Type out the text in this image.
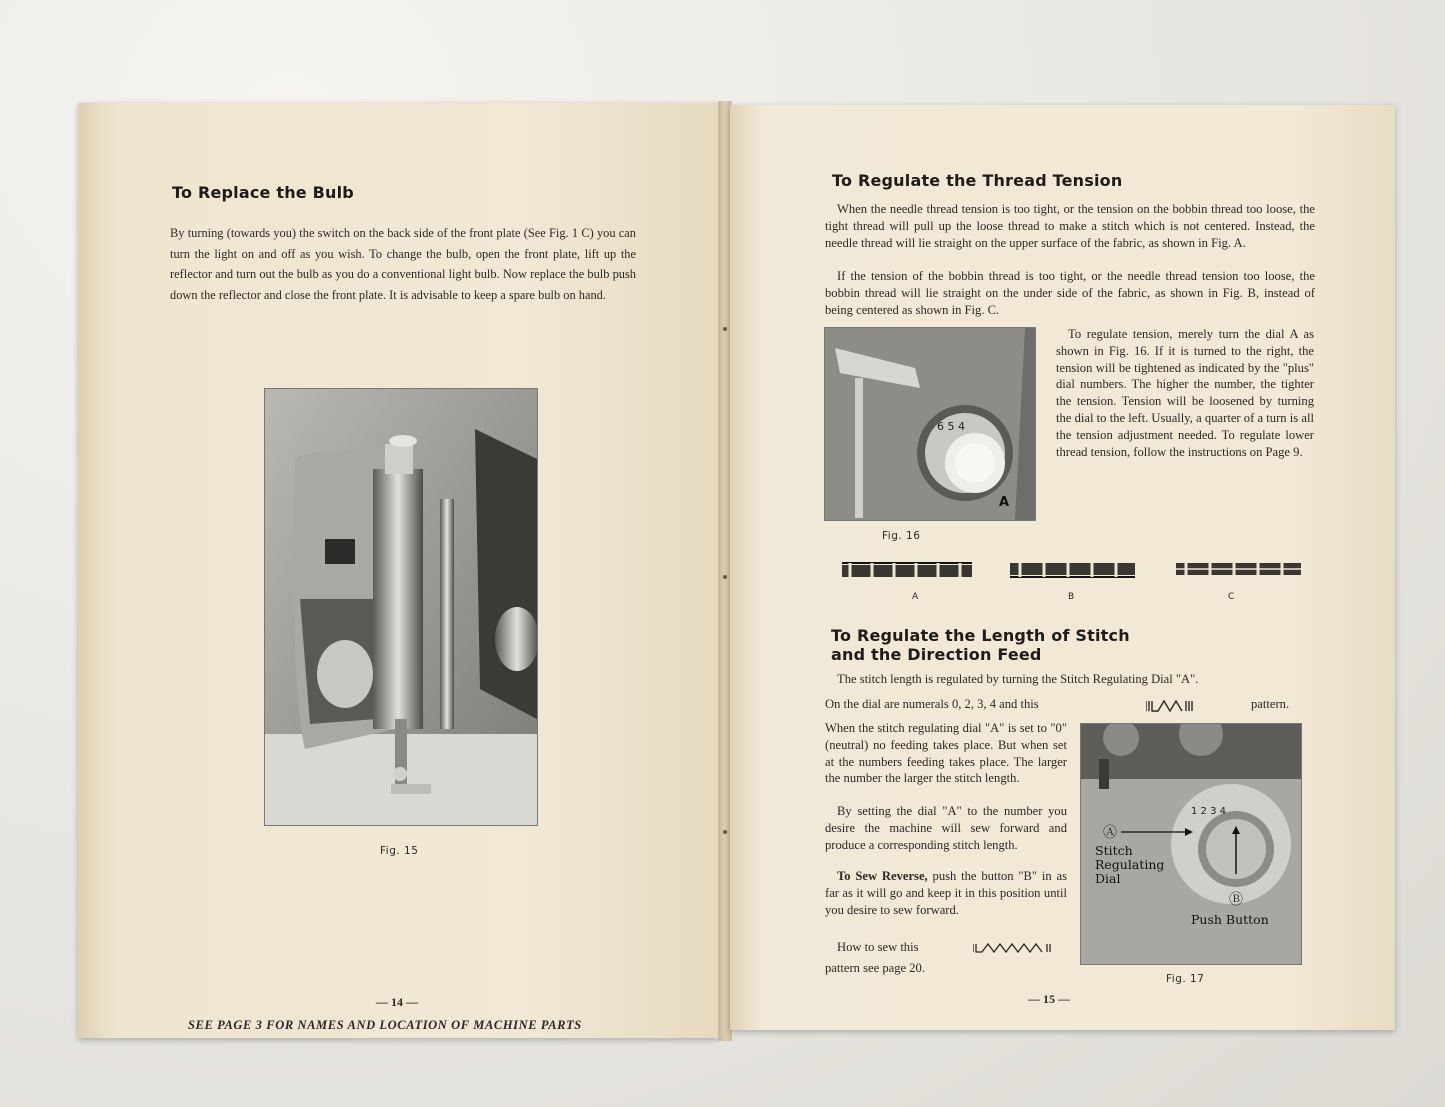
To Replace the Bulb
By turning (towards you) the switch on the back side of the front plate (See Fig. 1 C) you can turn the light on and off as you wish. To change the bulb, open the front plate, lift up the reflector and turn out the bulb as you do a conventional light bulb. Now replace the bulb push down the reflector and close the front plate. It is advisable to keep a spare bulb on hand.
Fig. 15
— 14 —
SEE PAGE 3 FOR NAMES AND LOCATION OF MACHINE PARTS
To Regulate the Thread Tension
When the needle thread tension is too tight, or the tension on the bobbin thread too loose, the tight thread will pull up the loose thread to make a stitch which is not centered. Instead, the needle thread will lie straight on the upper surface of the fabric, as shown in Fig. A.
If the tension of the bobbin thread is too tight, or the needle thread tension too loose, the bobbin thread will lie straight on the under side of the fabric, as shown in Fig. B, instead of being centered as shown in Fig. C.
6 5 4
A
Fig. 16
To regulate tension, merely turn the dial A as shown in Fig. 16. If it is turned to the right, the tension will be tightened as indicated by the "plus" dial numbers. The higher the number, the tighter the tension. Tension will be loosened by turning the dial to the left. Usually, a quarter of a turn is all the tension adjustment needed. To regulate lower thread tension, follow the instructions on Page 9.
A	B	C
To Regulate the Length of Stitch
and the Direction Feed
The stitch length is regulated by turning the Stitch Regulating Dial "A".
On the dial are numerals 0, 2, 3, 4 and this	pattern.
When the stitch regulating dial "A" is set to "0" (neutral) no feeding takes place. But when set at the numbers feeding takes place. The larger the number the larger the stitch length.
By setting the dial "A" to the number you desire the machine will sew forward and produce a corresponding stitch length.
To Sew Reverse, push the button "B" in as far as it will go and keep it in this position until you desire to sew forward.
How to sew this
pattern see page 20.
1 2 3 4
Ⓐ
Ⓑ
Stitch Regulating Dial
Push Button
Fig. 17
— 15 —
